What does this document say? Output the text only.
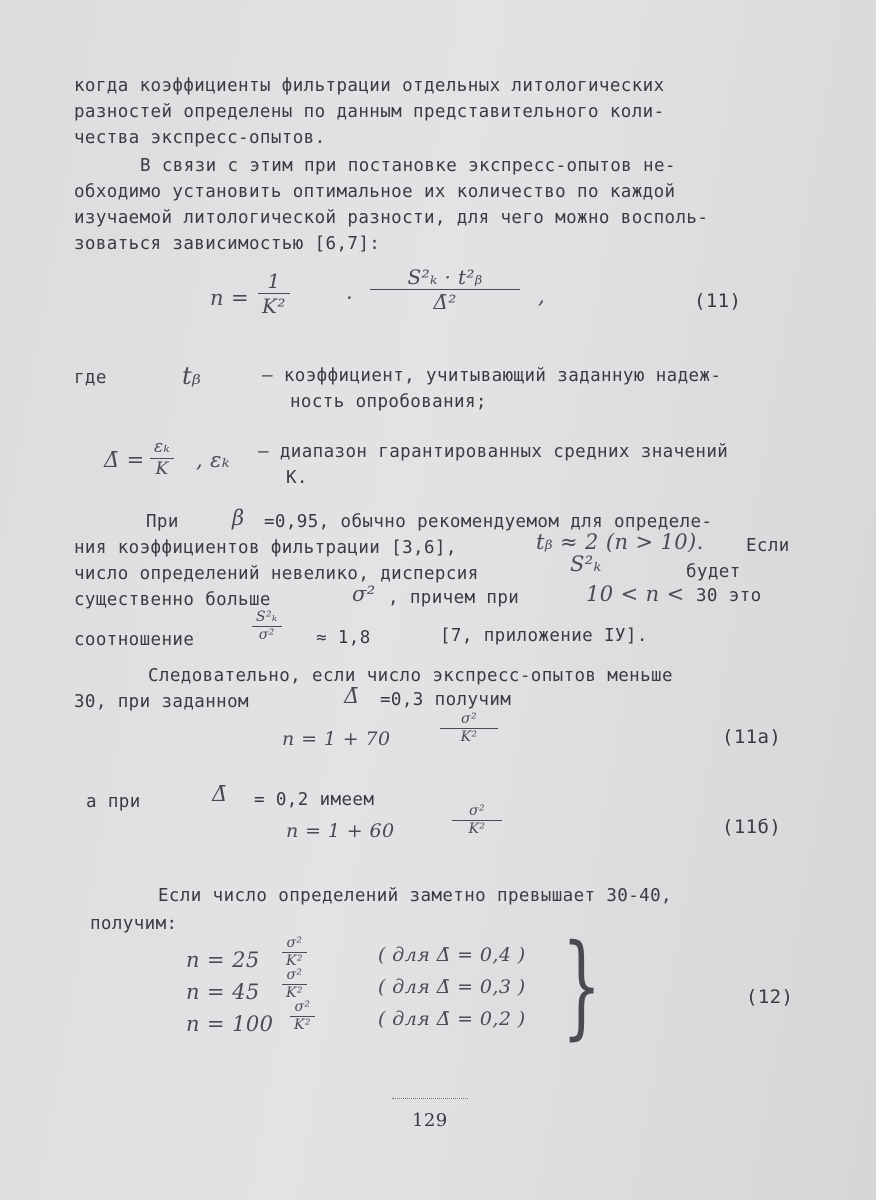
когда коэффициенты фильтрации отдельных литологических
разностей определены по данным представительного коли-
чества экспресс-опытов.
В связи с этим при постановке экспресс-опытов не-
обходимо установить оптимальное их количество по каждой
изучаемой литологической разности, для чего можно восполь-
зоваться зависимостью [6,7]:
n =
1
K²	·
S²ₖ · t²ᵦ
Δ̄²	,	(11)
где	tᵦ	– коэффициент, учитывающий заданную надеж-
ность опробования;
Δ̄ =
εₖ
K , εₖ – диапазон гарантированных средних значений
К.
При	β =0,95, обычно рекомендуемом для определе-
ния коэффициентов фильтрации [3,6],	tᵦ ≈ 2 (n > 10). Если
число определений невелико, дисперсия	S²ₖ	будет
существенно больше	σ² , причем при	10 < n < 30 это
соотношение
S²ₖ
σ² ≈ 1,8	[7, приложение IУ].
Следовательно, если число экспресс-опытов меньше
30, при заданном	Δ̄ =0,3 получим
n = 1 + 70
σ²
K²	(11а)
а при	Δ̄ = 0,2 имеем
n = 1 + 60
σ²
K²	(11б)
Если число определений заметно превышает 30-40,
получим:
n = 25
σ²
K²	( для Δ̄ = 0,4 )
n = 45
σ²
K²	( для Δ̄ = 0,3 )
n = 100
σ²
K²	( для Δ̄ = 0,2 ) }	(12)
129
